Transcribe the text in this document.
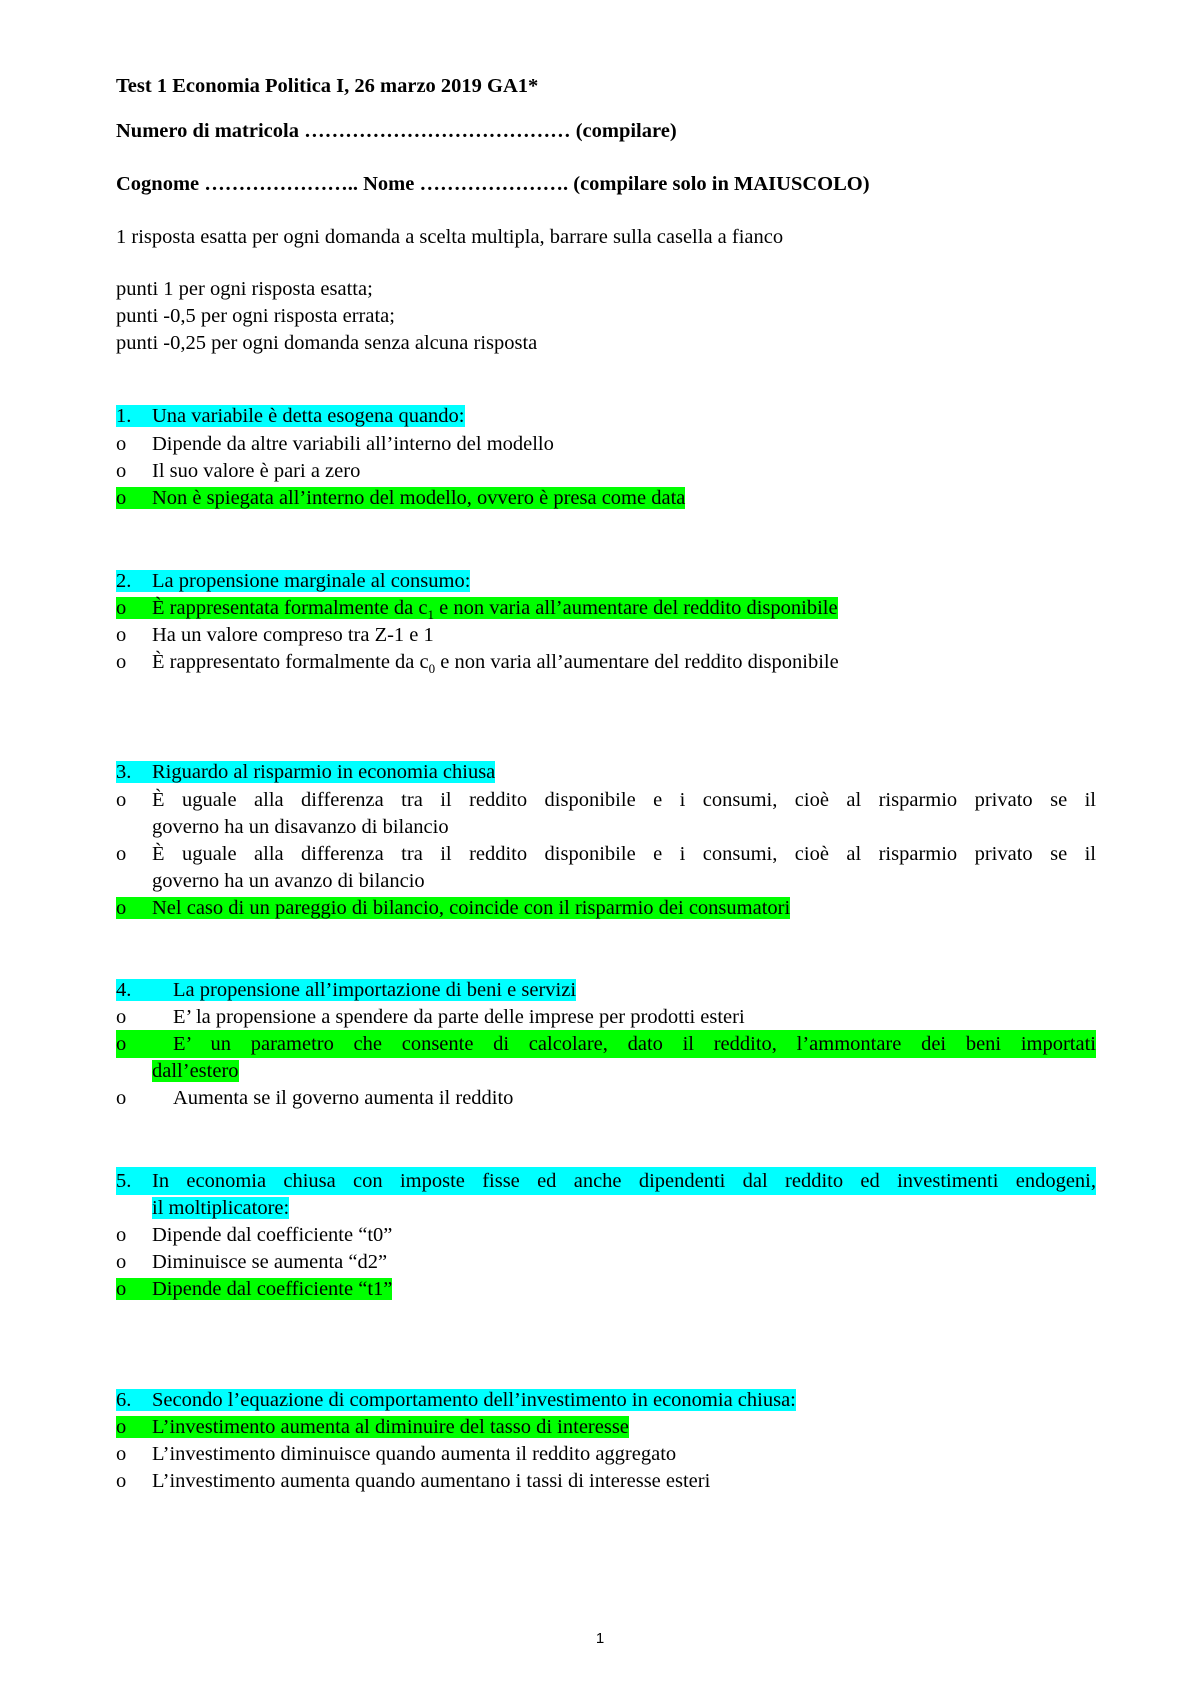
Test 1 Economia Politica I, 26 marzo 2019 GA1*
Numero di matricola ………………………………… (compilare)
Cognome ………………….. Nome …………………. (compilare solo in MAIUSCOLO)
1 risposta esatta per ogni domanda a scelta multipla, barrare sulla casella a fianco
punti 1 per ogni risposta esatta;
punti -0,5 per ogni risposta errata;
punti -0,25 per ogni domanda senza alcuna risposta
1. Una variabile è detta esogena quando:
o Dipende da altre variabili all’interno del modello
o Il suo valore è pari a zero
o Non è spiegata all’interno del modello, ovvero è presa come data
2. La propensione marginale al consumo:
o È rappresentata formalmente da $c_1$ e non varia all’aumentare del reddito disponibile
o Ha un valore compreso tra Z-1 e 1
o È rappresentato formalmente da $c_0$ e non varia all’aumentare del reddito disponibile
3. Riguardo al risparmio in economia chiusa
o È uguale alla differenza tra il reddito disponibile e i consumi, cioè al risparmio privato se il
governo ha un disavanzo di bilancio
o È uguale alla differenza tra il reddito disponibile e i consumi, cioè al risparmio privato se il
governo ha un avanzo di bilancio
o Nel caso di un pareggio di bilancio, coincide con il risparmio dei consumatori
4. La propensione all’importazione di beni e servizi
o E’ la propensione a spendere da parte delle imprese per prodotti esteri
o E’ un parametro che consente di calcolare, dato il reddito, l’ammontare dei beni importati
dall’estero
o Aumenta se il governo aumenta il reddito
5. In economia chiusa con imposte fisse ed anche dipendenti dal reddito ed investimenti endogeni,
il moltiplicatore:
o Dipende dal coefficiente “t0”
o Diminuisce se aumenta “d2”
o Dipende dal coefficiente “t1”
6. Secondo l’equazione di comportamento dell’investimento in economia chiusa:
o L’investimento aumenta al diminuire del tasso di interesse
o L’investimento diminuisce quando aumenta il reddito aggregato
o L’investimento aumenta quando aumentano i tassi di interesse esteri
1
